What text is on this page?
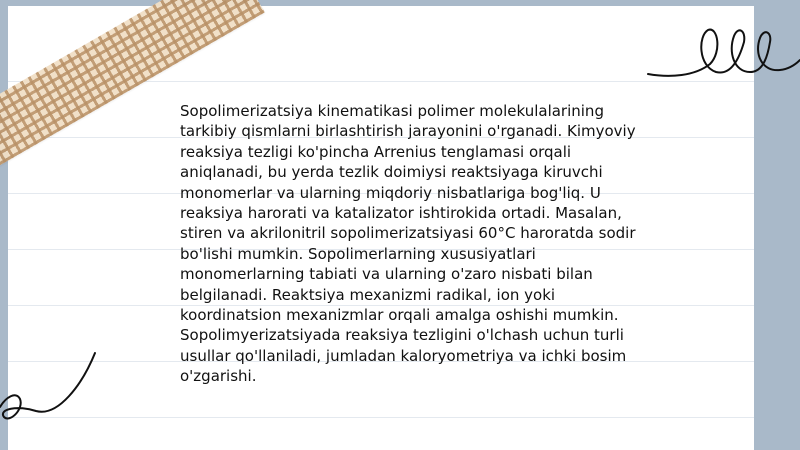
Sopolimerizatsiya kinematikasi polimer molekulalarining tarkibiy qismlarni birlashtirish jarayonini o'rganadi. Kimyoviy reaksiya tezligi ko'pincha Arrenius tenglamasi orqali aniqlanadi, bu yerda tezlik doimiysi reaktsiyaga kiruvchi monomerlar va ularning miqdoriy nisbatlariga bog'liq. U reaksiya harorati va katalizator ishtirokida ortadi. Masalan, stiren va akrilonitril sopolimerizatsiyasi 60°C haroratda sodir bo'lishi mumkin. Sopolimerlarning xususiyatlari monomerlarning tabiati va ularning o'zaro nisbati bilan belgilanadi. Reaktsiya mexanizmi radikal, ion yoki koordinatsion mexanizmlar orqali amalga oshishi mumkin. Sopolimyerizatsiyada reaksiya tezligini o'lchash uchun turli usullar qo'llaniladi, jumladan kaloryometriya va ichki bosim o'zgarishi.
